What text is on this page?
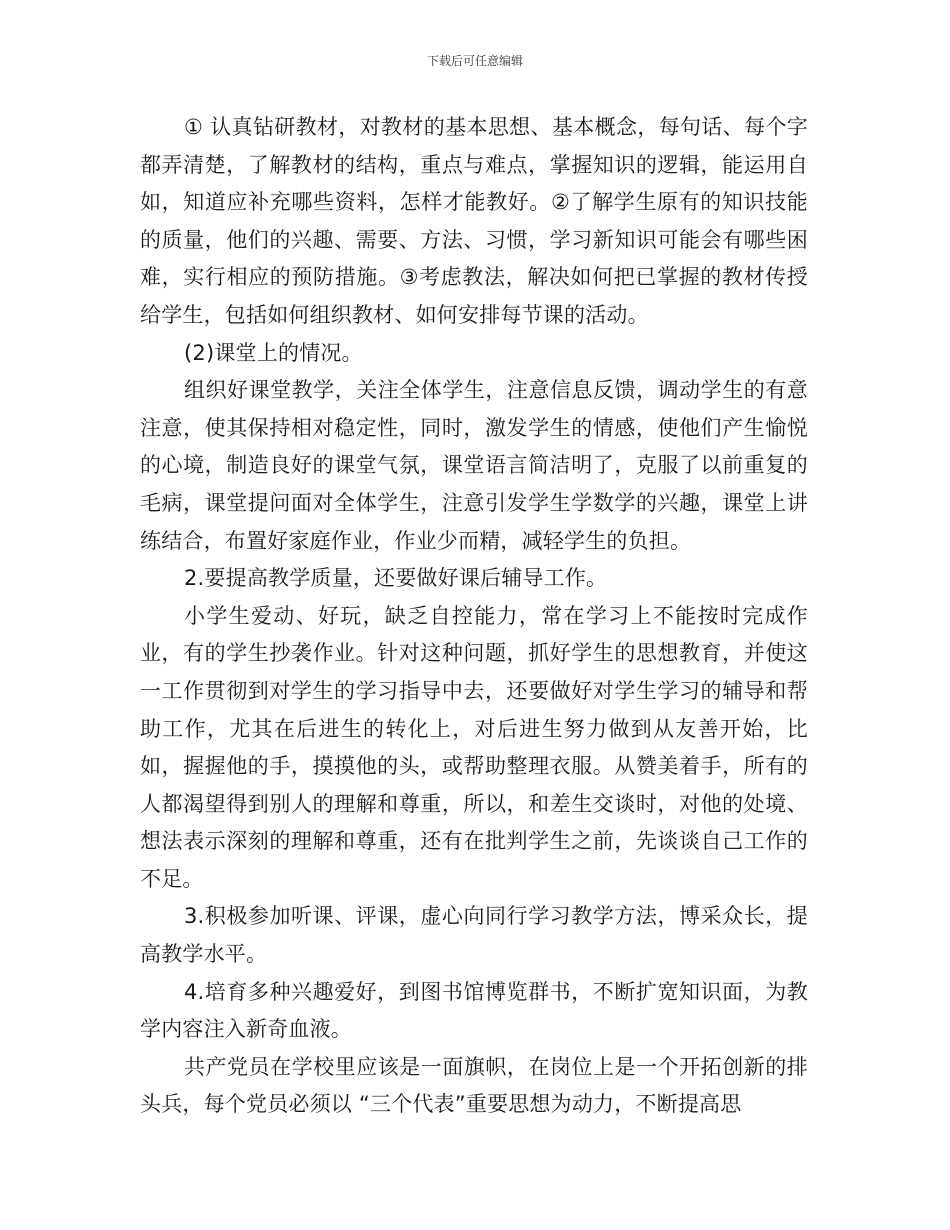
下载后可任意编辑

① 认真钻研教材，对教材的基本思想、基本概念，每句话、每个字都弄清楚，了解教材的结构，重点与难点，掌握知识的逻辑，能运用自如，知道应补充哪些资料，怎样才能教好。②了解学生原有的知识技能的质量，他们的兴趣、需要、方法、习惯，学习新知识可能会有哪些困难，实行相应的预防措施。③考虑教法，解决如何把已掌握的教材传授给学生，包括如何组织教材、如何安排每节课的活动。

(2)课堂上的情况。

组织好课堂教学，关注全体学生，注意信息反馈，调动学生的有意注意，使其保持相对稳定性，同时，激发学生的情感，使他们产生愉悦的心境，制造良好的课堂气氛，课堂语言简洁明了，克服了以前重复的毛病，课堂提问面对全体学生，注意引发学生学数学的兴趣，课堂上讲练结合，布置好家庭作业，作业少而精，减轻学生的负担。

2.要提高教学质量，还要做好课后辅导工作。

小学生爱动、好玩，缺乏自控能力，常在学习上不能按时完成作业，有的学生抄袭作业。针对这种问题，抓好学生的思想教育，并使这一工作贯彻到对学生的学习指导中去，还要做好对学生学习的辅导和帮助工作，尤其在后进生的转化上，对后进生努力做到从友善开始，比如，握握他的手，摸摸他的头，或帮助整理衣服。从赞美着手，所有的人都渴望得到别人的理解和尊重，所以，和差生交谈时，对他的处境、想法表示深刻的理解和尊重，还有在批判学生之前，先谈谈自己工作的不足。

3.积极参加听课、评课，虚心向同行学习教学方法，博采众长，提高教学水平。

4.培育多种兴趣爱好，到图书馆博览群书，不断扩宽知识面，为教学内容注入新奇血液。

共产党员在学校里应该是一面旗帜，在岗位上是一个开拓创新的排头兵，每个党员必须以 “三个代表”重要思想为动力，不断提高思
